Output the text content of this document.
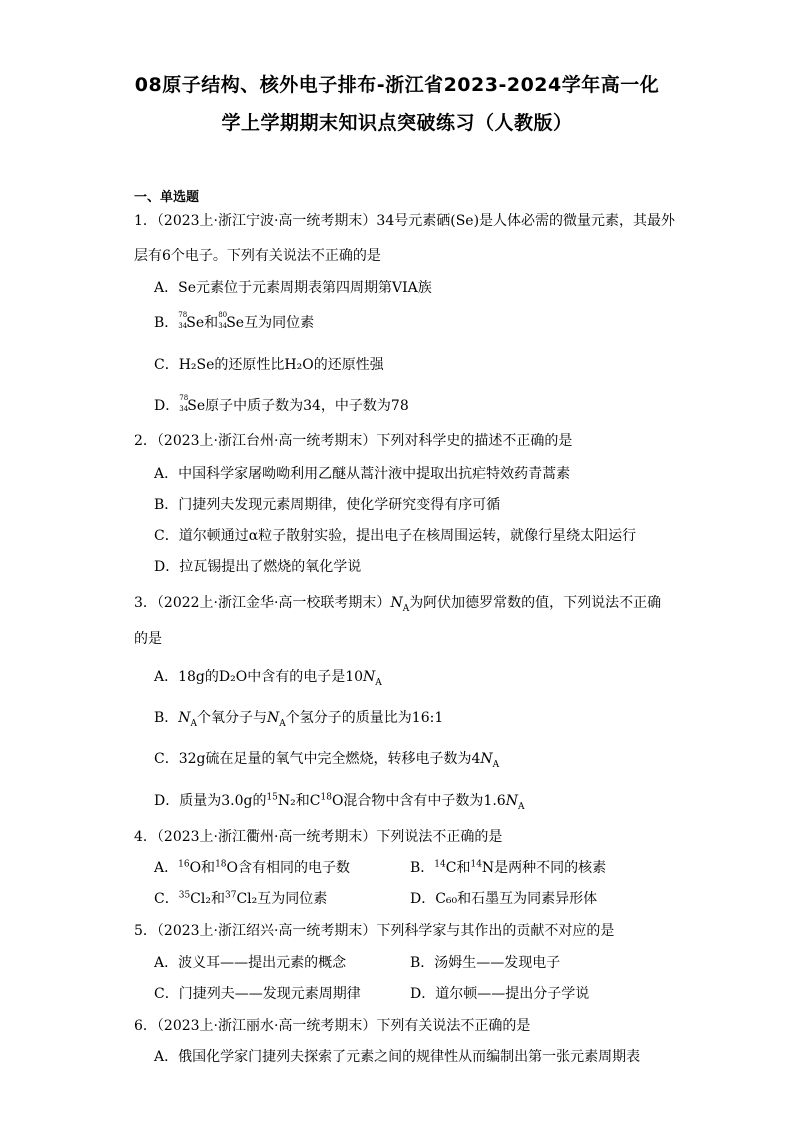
08原子结构、核外电子排布-浙江省2023-2024学年高一化
学上学期期末知识点突破练习（人教版）
一、单选题
1．（2023上·浙江宁波·高一统考期末）34号元素硒(Se)是人体必需的微量元素，其最外
层有6个电子。下列有关说法不正确的是
A．Se元素位于元素周期表第四周期第VIA族
B． 78
34 Se和 80
34 Se互为同位素
C．H₂Se的还原性比H₂O的还原性强
D． 78
34 Se原子中质子数为34，中子数为78
2．（2023上·浙江台州·高一统考期末）下列对科学史的描述不正确的是
A．中国科学家屠呦呦利用乙醚从蒿汁液中提取出抗疟特效药青蒿素
B．门捷列夫发现元素周期律，使化学研究变得有序可循
C．道尔顿通过α粒子散射实验，提出电子在核周围运转，就像行星绕太阳运行
D．拉瓦锡提出了燃烧的氧化学说
3．（2022上·浙江金华·高一校联考期末）$N_A$为阿伏加德罗常数的值，下列说法不正确
的是
A．18g的D₂O中含有的电子是$10N_A$
B．$N_A$个氧分子与$N_A$个氢分子的质量比为16:1
C．32g硫在足量的氧气中完全燃烧，转移电子数为$4N_A$
D．质量为3.0g的$^{15}$N₂和$C^{18}O$混合物中含有中子数为$1.6N_A$
4．（2023上·浙江衢州·高一统考期末）下列说法不正确的是
A．$^{16}$O和$^{18}$O含有相同的电子数	B．$^{14}$C和$^{14}$N是两种不同的核素
C．$^{35}$Cl₂和$^{37}$Cl₂互为同位素	D．C₆₀和石墨互为同素异形体
5．（2023上·浙江绍兴·高一统考期末）下列科学家与其作出的贡献不对应的是
A．波义耳——提出元素的概念	B．汤姆生——发现电子
C．门捷列夫——发现元素周期律	D．道尔顿——提出分子学说
6．（2023上·浙江丽水·高一统考期末）下列有关说法不正确的是
A．俄国化学家门捷列夫探索了元素之间的规律性从而编制出第一张元素周期表
